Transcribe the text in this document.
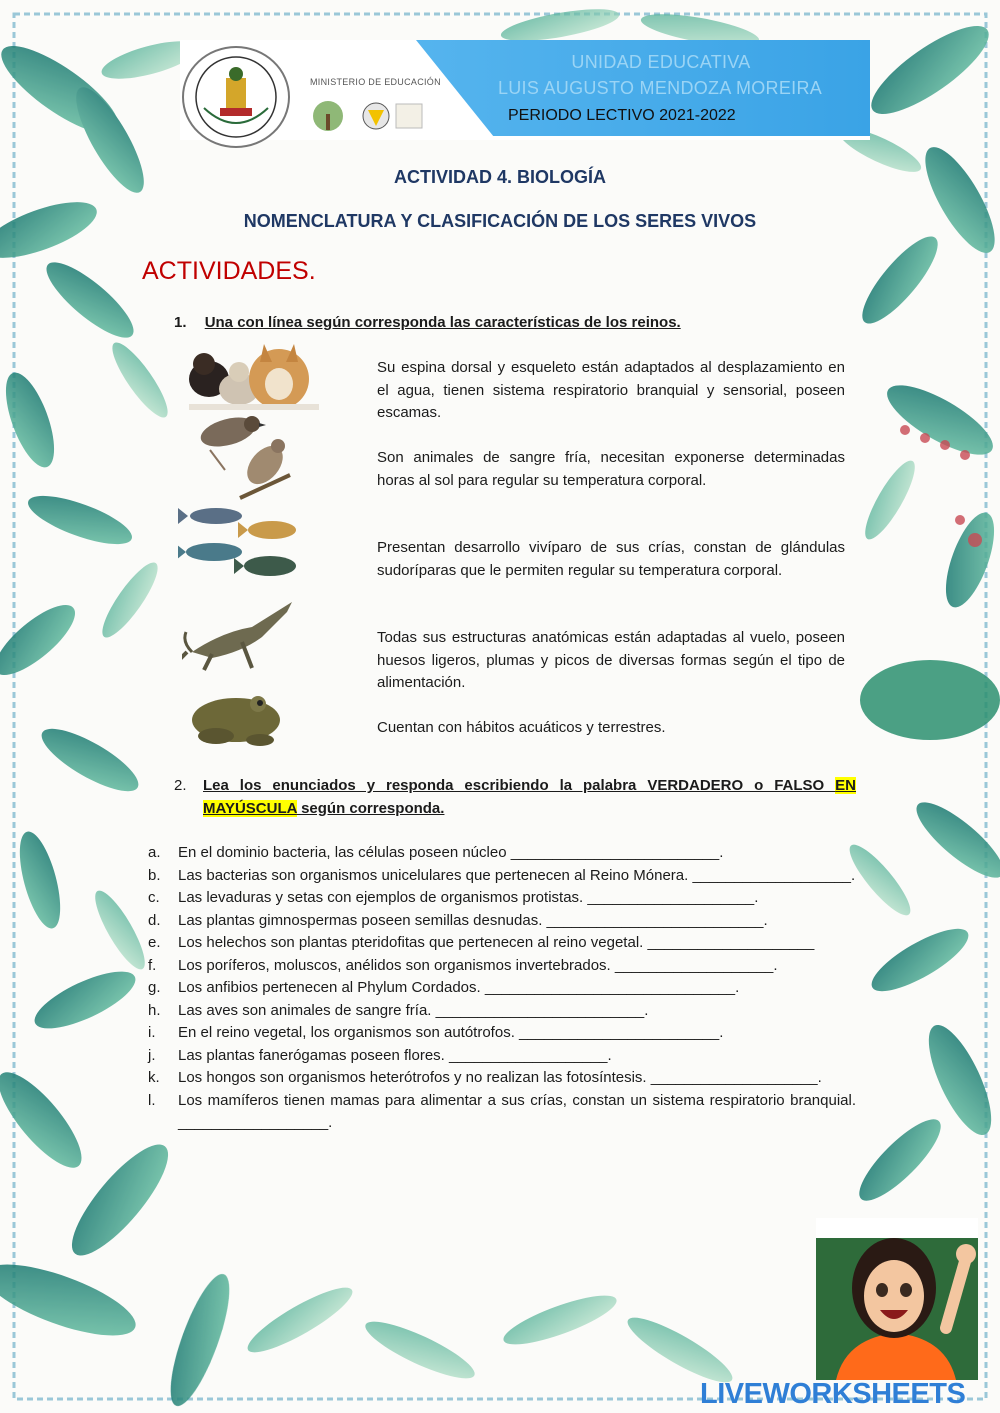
MINISTERIO DE EDUCACIÓN
UNIDAD EDUCATIVA
LUIS AUGUSTO MENDOZA MOREIRA
PERIODO LECTIVO 2021-2022
ACTIVIDAD 4. BIOLOGÍA
NOMENCLATURA Y CLASIFICACIÓN DE LOS SERES VIVOS
ACTIVIDADES.
1. Una con línea según corresponda las características de los reinos.
Su espina dorsal y esqueleto están adaptados al desplazamiento en el agua, tienen sistema respiratorio branquial y sensorial, poseen escamas.
Son animales de sangre fría, necesitan exponerse determinadas horas al sol para regular su temperatura corporal.
Presentan desarrollo vivíparo de sus crías, constan de glándulas sudoríparas que le permiten regular su temperatura corporal.
Todas sus estructuras anatómicas están adaptadas al vuelo, poseen huesos ligeros, plumas y picos de diversas formas según el tipo de alimentación.
Cuentan con hábitos acuáticos y terrestres.
2. Lea los enunciados y responda escribiendo la palabra VERDADERO o FALSO EN MAYÚSCULA según corresponda.
a. En el dominio bacteria, las células poseen núcleo _________________________.
b. Las bacterias son organismos unicelulares que pertenecen al Reino Mónera. ___________________.
c. Las levaduras y setas con ejemplos de organismos protistas. ____________________.
d. Las plantas gimnospermas poseen semillas desnudas. __________________________.
e. Los helechos son plantas pteridofitas que pertenecen al reino vegetal. ____________________
f. Los poríferos, moluscos, anélidos son organismos invertebrados. ___________________.
g. Los anfibios pertenecen al Phylum Cordados. ______________________________.
h. Las aves son animales de sangre fría. _________________________.
i. En el reino vegetal, los organismos son autótrofos. ________________________.
j. Las plantas fanerógamas poseen flores. ___________________.
k. Los hongos son organismos heterótrofos y no realizan las fotosíntesis. ____________________.
l. Los mamíferos tienen mamas para alimentar a sus crías, constan un sistema respiratorio branquial. __________________.
LIVEWORKSHEETS
